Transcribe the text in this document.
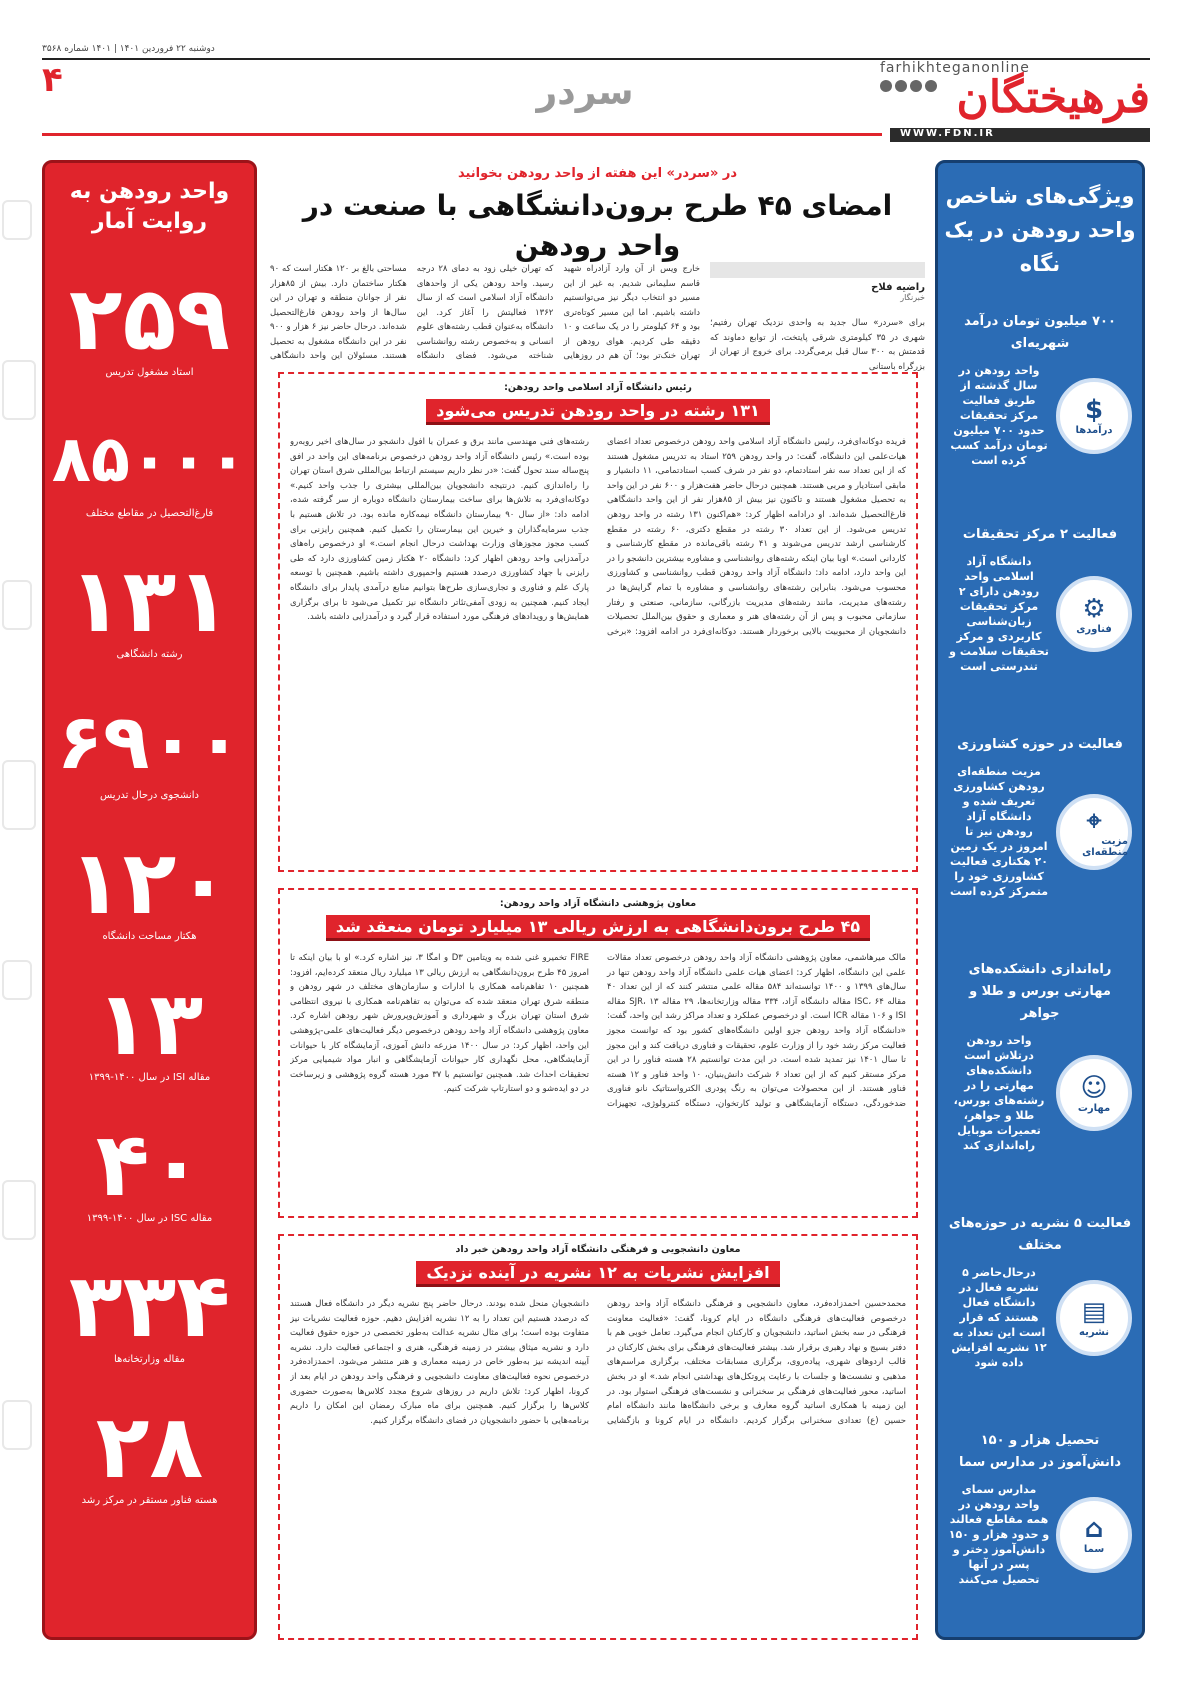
دوشنبه ۲۲ فروردین ۱۴۰۱ | ۱۴۰۱ شماره ۳۵۶۸
۴	سردر
farhikhteganonline
فرهیختگان
WWW.FDN.IR
واحد رودهن به روایت آمار
۲۵۹
استاد مشغول تدریس
۸۵۰۰۰
فارغ‌التحصیل در مقاطع مختلف
۱۳۱
رشته دانشگاهی
۶۹۰۰
دانشجوی درحال تدریس
۱۲۰
هکتار مساحت دانشگاه
۱۳
مقاله ISI در سال ۱۴۰۰-۱۳۹۹
۴۰
مقاله ISC در سال ۱۴۰۰-۱۳۹۹
۳۳۴
مقاله وزارتخانه‌ها
۲۸
هسته فناور مستقر در مرکز رشد
در «سردر» این هفته از واحد رودهن بخوانید
امضای ۴۵ طرح برون‌دانشگاهی با صنعت در واحد رودهن
راضیه فلاح
خبرنگار
برای «سردر» سال جدید به واحدی نزدیک تهران رفتیم؛ شهری در ۳۵ کیلومتری شرقی پایتخت، از توابع دماوند که قدمتش به ۳۰۰ سال قبل برمی‌گردد. برای خروج از تهران از بزرگراه باستانی
خارج ویس از آن وارد آزادراه شهید قاسم سلیمانی شدیم. به غیر از این مسیر دو انتخاب دیگر نیز می‌توانستیم داشته باشیم. اما این مسیر کوتاه‌تری بود و ۶۴ کیلومتر را در یک ساعت و ۱۰ دقیقه طی کردیم. هوای رودهن از تهران خنک‌تر بود؛ آن هم در روزهایی که تهران خیلی زود به دمای ۲۸ درجه رسید. واحد رودهن یکی از واحدهای دانشگاه آزاد اسلامی است که از سال ۱۳۶۲ فعالیتش را آغاز کرد. این دانشگاه به‌عنوان قطب رشته‌های علوم انسانی و به‌خصوص رشته روانشناسی شناخته می‌شود. فضای دانشگاه مساحتی بالغ بر ۱۲۰ هکتار است که ۹۰ هکتار ساختمان دارد. بیش از ۸۵هزار نفر از جوانان منطقه و تهران در این سال‌ها از واحد رودهن فارغ‌التحصیل شده‌اند. درحال حاضر نیز ۶ هزار و ۹۰۰ نفر در این دانشگاه مشغول به تحصیل هستند. مسئولان این واحد دانشگاهی
رئیس دانشگاه آزاد اسلامی واحد رودهن:
۱۳۱ رشته در واحد رودهن تدریس می‌شود
فریده دوکانه‌ای‌فرد، رئیس دانشگاه آزاد اسلامی واحد رودهن درخصوص تعداد اعضای هیات‌علمی این دانشگاه، گفت: در واحد رودهن ۲۵۹ استاد به تدریس مشغول هستند که از این تعداد سه نفر استادتمام، دو نفر در شرف کسب استادتمامی، ۱۱ دانشیار و مابقی استادیار و مربی هستند. همچنین درحال حاضر هفت‌هزار و ۶۰۰ نفر در این واحد به تحصیل مشغول هستند و تاکنون نیز بیش از ۸۵هزار نفر از این واحد دانشگاهی فارغ‌التحصیل شده‌اند. او درادامه اظهار کرد: «هم‌اکنون ۱۳۱ رشته در واحد رودهن تدریس می‌شود. از این تعداد ۳۰ رشته در مقطع دکتری، ۶۰ رشته در مقطع کارشناسی ارشد تدریس می‌شوند و ۴۱ رشته باقی‌مانده در مقطع کارشناسی و کاردانی است.» اوبا بیان اینکه رشته‌های روانشناسی و مشاوره بیشترین دانشجو را در این واحد دارد، ادامه داد: دانشگاه آزاد واحد رودهن قطب روانشناسی و کشاورزی محسوب می‌شود. بنابراین رشته‌های روانشناسی و مشاوره با تمام گرایش‌ها در رشته‌های مدیریت، مانند رشته‌های مدیریت بازرگانی، سازمانی، صنعتی و رفتار سازمانی محبوب و پس از آن رشته‌های هنر و معماری و حقوق بین‌الملل تحصیلات دانشجویان از محبوبیت بالایی برخوردار هستند. دوکانه‌ای‌فرد در ادامه افزود: «برخی رشته‌های فنی مهندسی مانند برق و عمران با افول دانشجو در سال‌های اخیر روبه‌رو بوده است.» رئیس دانشگاه آزاد واحد رودهن درخصوص برنامه‌های این واحد در افق پنج‌ساله سند تحول گفت: «در نظر داریم سیستم ارتباط بین‌المللی شرق استان تهران را راه‌اندازی کنیم. درنتیجه دانشجویان بین‌المللی بیشتری را جذب واحد کنیم.» دوکانه‌ای‌فرد به تلاش‌ها برای ساخت بیمارستان دانشگاه دوباره از سر گرفته شده، ادامه داد: «از سال ۹۰ بیمارستان دانشگاه نیمه‌کاره مانده بود. در تلاش هستیم با جذب سرمایه‌گذاران و خیرین این بیمارستان را تکمیل کنیم. همچنین رایزنی برای کسب مجوز مجوزهای وزارت بهداشت درحال انجام است.» او درخصوص راه‌های درآمدزایی واحد رودهن اظهار کرد: دانشگاه ۲۰ هکتار زمین کشاورزی دارد که طی رایزنی با جهاد کشاورزی درصدد هستیم واحمپوری داشته باشیم. همچنین با توسعه پارک علم و فناوری و تجاری‌سازی طرح‌ها بتوانیم منابع درآمدی پایدار برای دانشگاه ایجاد کنیم. همچنین به زودی آمفی‌تئاتر دانشگاه نیز تکمیل می‌شود تا برای برگزاری همایش‌ها و رویدادهای فرهنگی مورد استفاده قرار گیرد و درآمدزایی داشته باشد.
معاون پژوهشی دانشگاه آزاد واحد رودهن:
۴۵ طرح برون‌دانشگاهی به ارزش ریالی ۱۳ میلیارد تومان منعقد شد
مالک میرهاشمی، معاون پژوهشی دانشگاه آزاد واحد رودهن درخصوص تعداد مقالات علمی این دانشگاه، اظهار کرد: اعضای هیات علمی دانشگاه آزاد واحد رودهن تنها در سال‌های ۱۳۹۹ و ۱۴۰۰ توانسته‌اند ۵۸۴ مقاله علمی منتشر کنند که از این تعداد ۴۰ مقاله ISC، ۶۴ مقاله دانشگاه آزاد، ۳۳۴ مقاله وزارتخانه‌ها، ۲۹ مقاله SJR، ۱۳ مقاله ISI و ۱۰۶ مقاله ICR است. او درخصوص عملکرد و تعداد مراکز رشد این واحد، گفت: «دانشگاه آزاد واحد رودهن جزو اولین دانشگاه‌های کشور بود که توانست مجوز فعالیت مرکز رشد خود را از وزارت علوم، تحقیقات و فناوری دریافت کند و این مجوز تا سال ۱۴۰۱ نیز تمدید شده است. در این مدت توانستیم ۲۸ هسته فناور را در این مرکز مستقر کنیم که از این تعداد ۶ شرکت دانش‌بنیان، ۱۰ واحد فناور و ۱۲ هسته فناور هستند. از این محصولات می‌توان به رنگ پودری الکترواستاتیک نانو فناوری ضدخوردگی، دستگاه آزمایشگاهی و تولید کارتخوان، دستگاه کنترولوژی، تجهیزات FIRE تخمیرو غنی شده به ویتامین D۳ و امگا ۳، نیز اشاره کرد.» او با بیان اینکه تا امروز ۴۵ طرح برون‌دانشگاهی به ارزش ریالی ۱۳ میلیارد ریال منعقد کرده‌ایم، افزود: همچنین ۱۰ تفاهم‌نامه همکاری با ادارات و سازمان‌های مختلف در شهر رودهن و منطقه شرق تهران منعقد شده که می‌توان به تفاهم‌نامه همکاری با نیروی انتظامی شرق استان تهران بزرگ و شهرداری و آموزش‌وپرورش شهر رودهن اشاره کرد. معاون پژوهشی دانشگاه آزاد واحد رودهن درخصوص دیگر فعالیت‌های علمی-پژوهشی این واحد، اظهار کرد: در سال ۱۴۰۰ مزرعه دانش آموزی، آزمایشگاه کار با حیوانات آزمایشگاهی، محل نگهداری کار حیوانات آزمایشگاهی و انبار مواد شیمیایی مرکز تحقیقات احداث شد. همچنین توانستیم با ۳۷ مورد هسته گروه پژوهشی و زیرساخت در دو ایده‌شو و دو استارتاپ شرکت کنیم.
معاون دانشجویی و فرهنگی دانشگاه آزاد واحد رودهن خبر داد
افزایش نشریات به ۱۲ نشریه در آینده نزدیک
محمدحسین احمدزاده‌فرد، معاون دانشجویی و فرهنگی دانشگاه آزاد واحد رودهن درخصوص فعالیت‌های فرهنگی دانشگاه در ایام کرونا، گفت: «فعالیت معاونت فرهنگی در سه بخش اساتید، دانشجویان و کارکنان انجام می‌گیرد. تعامل خوبی هم با دفتر بسیج و نهاد رهبری برقرار شد. بیشتر فعالیت‌های فرهنگی برای بخش کارکنان در قالب اردوهای شهری، پیاده‌روی، برگزاری مسابقات مختلف، برگزاری مراسم‌های مذهبی و نشست‌ها و جلسات با رعایت پروتکل‌های بهداشتی انجام شد.» او در بخش اساتید، محور فعالیت‌های فرهنگی بر سخنرانی و نشست‌های فرهنگی استوار بود. در این زمینه با همکاری اساتید گروه معارف و برخی دانشگاه‌ها مانند دانشگاه امام حسین (ع) تعدادی سخنرانی برگزار کردیم. دانشگاه در ایام کرونا و بازگشایی دانشجویان منحل شده بودند. درحال حاضر پنج نشریه دیگر در دانشگاه فعال هستند که درصدد هستیم این تعداد را به ۱۲ نشریه افزایش دهیم. حوزه فعالیت نشریات نیز متفاوت بوده است؛ برای مثال نشریه عدالت به‌طور تخصصی در حوزه حقوق فعالیت دارد و نشریه میثاق بیشتر در زمینه فرهنگی، هنری و اجتماعی فعالیت دارد. نشریه آیینه اندیشه نیز به‌طور خاص در زمینه معماری و هنر منتشر می‌شود. احمدزاده‌فرد درخصوص نحوه فعالیت‌های معاونت دانشجویی و فرهنگی واحد رودهن در ایام بعد از کرونا، اظهار کرد: تلاش داریم در روزهای شروع مجدد کلاس‌ها به‌صورت حضوری کلاس‌ها را برگزار کنیم. همچنین برای ماه مبارک رمضان این امکان را داریم برنامه‌هایی با حضور دانشجویان در فضای دانشگاه برگزار کنیم.
ویژگی‌های شاخص واحد رودهن در یک نگاه
۷۰۰ میلیون تومان درآمد شهریه‌ای
$
درآمدها
واحد رودهن در سال گذشته از طریق فعالیت مرکز تحقیقات حدود ۷۰۰ میلیون تومان درآمد کسب کرده است
فعالیت ۲ مرکز تحقیقات
⚙
فناوری
دانشگاه آزاد اسلامی واحد رودهن دارای ۲ مرکز تحقیقات زبان‌شناسی کاربردی و مرکز تحقیقات سلامت و تندرستی است
فعالیت در حوزه کشاورزی
⌖
مزیت منطقه‌ای
مزیت منطقه‌ای رودهن کشاورزی تعریف شده و دانشگاه آزاد رودهن نیز تا امروز در یک زمین ۲۰ هکتاری فعالیت کشاورزی خود را متمرکز کرده است
راه‌اندازی دانشکده‌های مهارتی بورس و طلا و جواهر
☺
مهارت
واحد رودهن درتلاش است دانشکده‌های مهارتی را در رشته‌های بورس، طلا و جواهر، تعمیرات موبایل راه‌اندازی کند
فعالیت ۵ نشریه در حوزه‌های مختلف
▤
نشریه
درحال‌حاضر ۵ نشریه فعال در دانشگاه فعال هستند که قرار است این تعداد به ۱۲ نشریه افزایش داده شود
تحصیل هزار و ۱۵۰ دانش‌آموز در مدارس سما
⌂
سما
مدارس سمای واحد رودهن در همه مقاطع فعالند و حدود هزار و ۱۵۰ دانش‌آموز دختر و پسر در آنها تحصیل می‌کنند
